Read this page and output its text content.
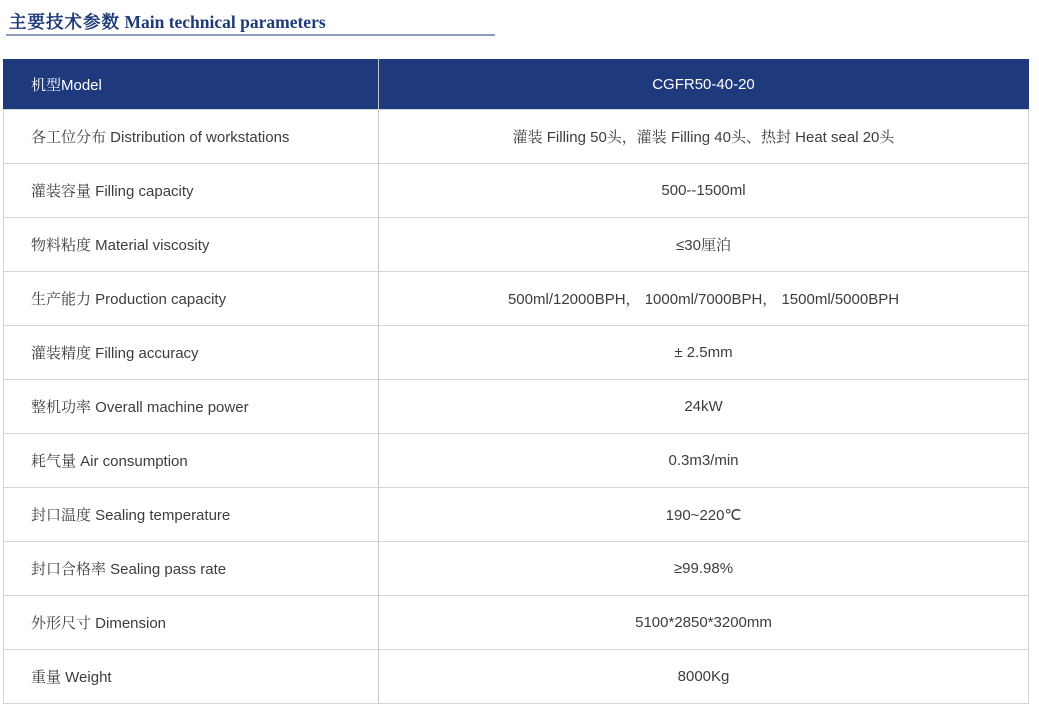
主要技术参数 Main technical parameters
机型Model	CGFR50-40-20
各工位分布 Distribution of workstations	灌装 Filling 50头，灌装 Filling 40头、热封 Heat seal 20头
灌装容量 Filling capacity	500--1500ml
物料粘度 Material viscosity	≤30厘泊
生产能力 Production capacity	500ml/12000BPH， 1000ml/7000BPH， 1500ml/5000BPH
灌装精度 Filling accuracy	± 2.5mm
整机功率 Overall machine power	24kW
耗气量 Air consumption	0.3m3/min
封口温度 Sealing temperature	190~220℃
封口合格率 Sealing pass rate	≥99.98%
外形尺寸 Dimension	5100*2850*3200mm
重量 Weight	8000Kg
